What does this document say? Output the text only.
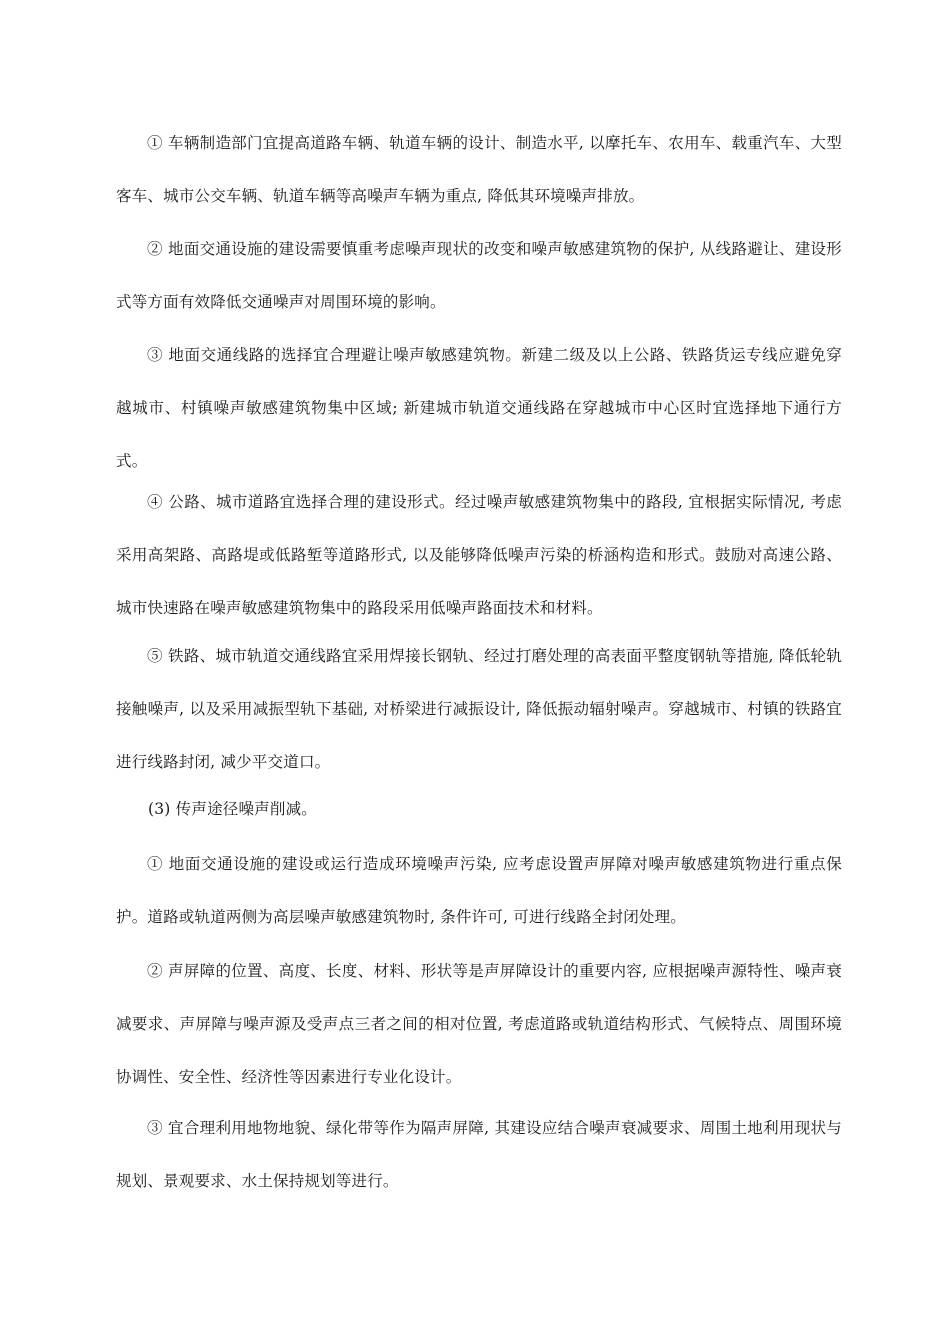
① 车辆制造部门宜提高道路车辆、轨道车辆的设计、制造水平, 以摩托车、农用车、载重汽车、大型客车、城市公交车辆、轨道车辆等高噪声车辆为重点, 降低其环境噪声排放。

② 地面交通设施的建设需要慎重考虑噪声现状的改变和噪声敏感建筑物的保护, 从线路避让、建设形式等方面有效降低交通噪声对周围环境的影响。

③ 地面交通线路的选择宜合理避让噪声敏感建筑物。新建二级及以上公路、铁路货运专线应避免穿越城市、村镇噪声敏感建筑物集中区域; 新建城市轨道交通线路在穿越城市中心区时宜选择地下通行方式。

④ 公路、城市道路宜选择合理的建设形式。经过噪声敏感建筑物集中的路段, 宜根据实际情况, 考虑采用高架路、高路堤或低路堑等道路形式, 以及能够降低噪声污染的桥涵构造和形式。鼓励对高速公路、城市快速路在噪声敏感建筑物集中的路段采用低噪声路面技术和材料。

⑤ 铁路、城市轨道交通线路宜采用焊接长钢轨、经过打磨处理的高表面平整度钢轨等措施, 降低轮轨接触噪声, 以及采用减振型轨下基础, 对桥梁进行减振设计, 降低振动辐射噪声。穿越城市、村镇的铁路宜进行线路封闭, 减少平交道口。

(3) 传声途径噪声削减。

① 地面交通设施的建设或运行造成环境噪声污染, 应考虑设置声屏障对噪声敏感建筑物进行重点保护。道路或轨道两侧为高层噪声敏感建筑物时, 条件许可, 可进行线路全封闭处理。

② 声屏障的位置、高度、长度、材料、形状等是声屏障设计的重要内容, 应根据噪声源特性、噪声衰减要求、声屏障与噪声源及受声点三者之间的相对位置, 考虑道路或轨道结构形式、气候特点、周围环境协调性、安全性、经济性等因素进行专业化设计。

③ 宜合理利用地物地貌、绿化带等作为隔声屏障, 其建设应结合噪声衰减要求、周围土地利用现状与规划、景观要求、水土保持规划等进行。
